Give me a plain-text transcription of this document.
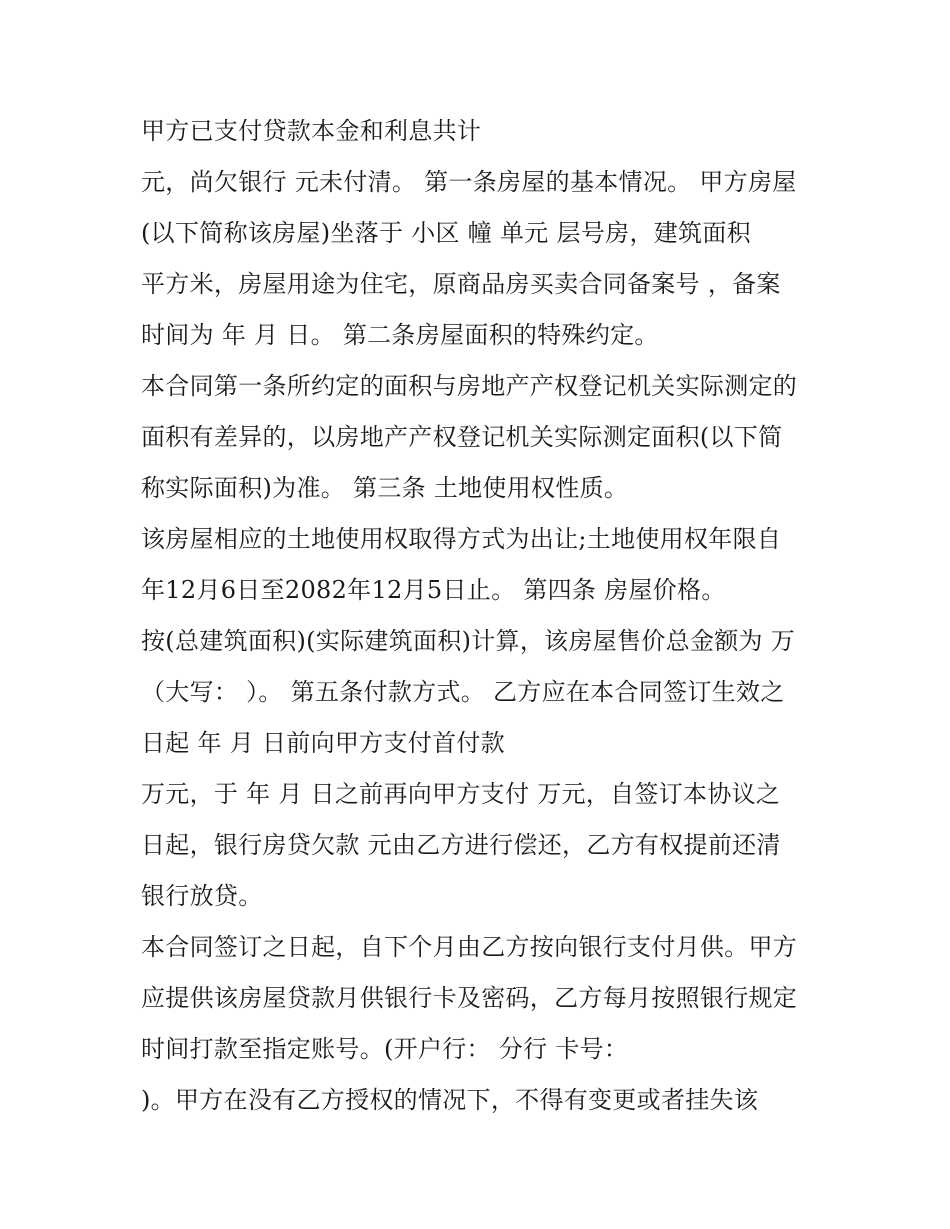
甲方已支付贷款本金和利息共计
元，尚欠银行 元未付清。 第一条房屋的基本情况。 甲方房屋
(以下简称该房屋)坐落于 小区 幢 单元 层号房，建筑面积
平方米，房屋用途为住宅，原商品房买卖合同备案号 ，备案
时间为 年 月 日。 第二条房屋面积的特殊约定。
本合同第一条所约定的面积与房地产产权登记机关实际测定的
面积有差异的，以房地产产权登记机关实际测定面积(以下简
称实际面积)为准。 第三条 土地使用权性质。
该房屋相应的土地使用权取得方式为出让;土地使用权年限自
年12月6日至2082年12月5日止。 第四条 房屋价格。
按(总建筑面积)(实际建筑面积)计算，该房屋售价总金额为 万
（大写： ）。 第五条付款方式。 乙方应在本合同签订生效之
日起 年 月 日前向甲方支付首付款
万元，于 年 月 日之前再向甲方支付 万元，自签订本协议之
日起，银行房贷欠款 元由乙方进行偿还，乙方有权提前还清
银行放贷。
本合同签订之日起，自下个月由乙方按向银行支付月供。甲方
应提供该房屋贷款月供银行卡及密码，乙方每月按照银行规定
时间打款至指定账号。(开户行： 分行 卡号：
)。甲方在没有乙方授权的情况下，不得有变更或者挂失该
